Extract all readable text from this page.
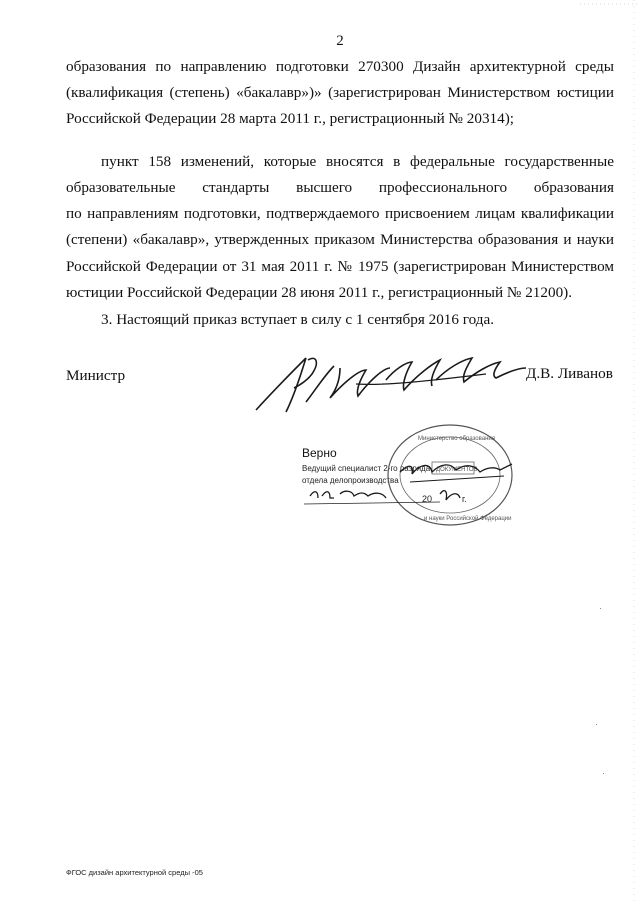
2
образования по направлению подготовки 270300 Дизайн архитектурной среды
(квалификация (степень) «бакалавр»)» (зарегистрирован Министерством юстиции
Российской Федерации 28 марта 2011 г., регистрационный № 20314);
пункт 158 изменений, которые вносятся в федеральные государственные
образовательные стандарты высшего профессионального образования
по направлениям подготовки, подтверждаемого присвоением лицам квалификации
(степени) «бакалавр», утвержденных приказом Министерства образования и науки
Российской Федерации от 31 мая 2011 г. № 1975 (зарегистрирован Министерством
юстиции Российской Федерации 28 июня 2011 г., регистрационный № 21200).
3. Настоящий приказ вступает в силу с 1 сентября 2016 года.
Министр	Д.В. Ливанов
Верно
Ведущий специалист 2-го разряда
отдела делопроизводства
Министерство образования
и науки Российской Федерации
ДОКУМЕНТОВ
20	г.
ФГОС дизайн архитектурной среды -05
